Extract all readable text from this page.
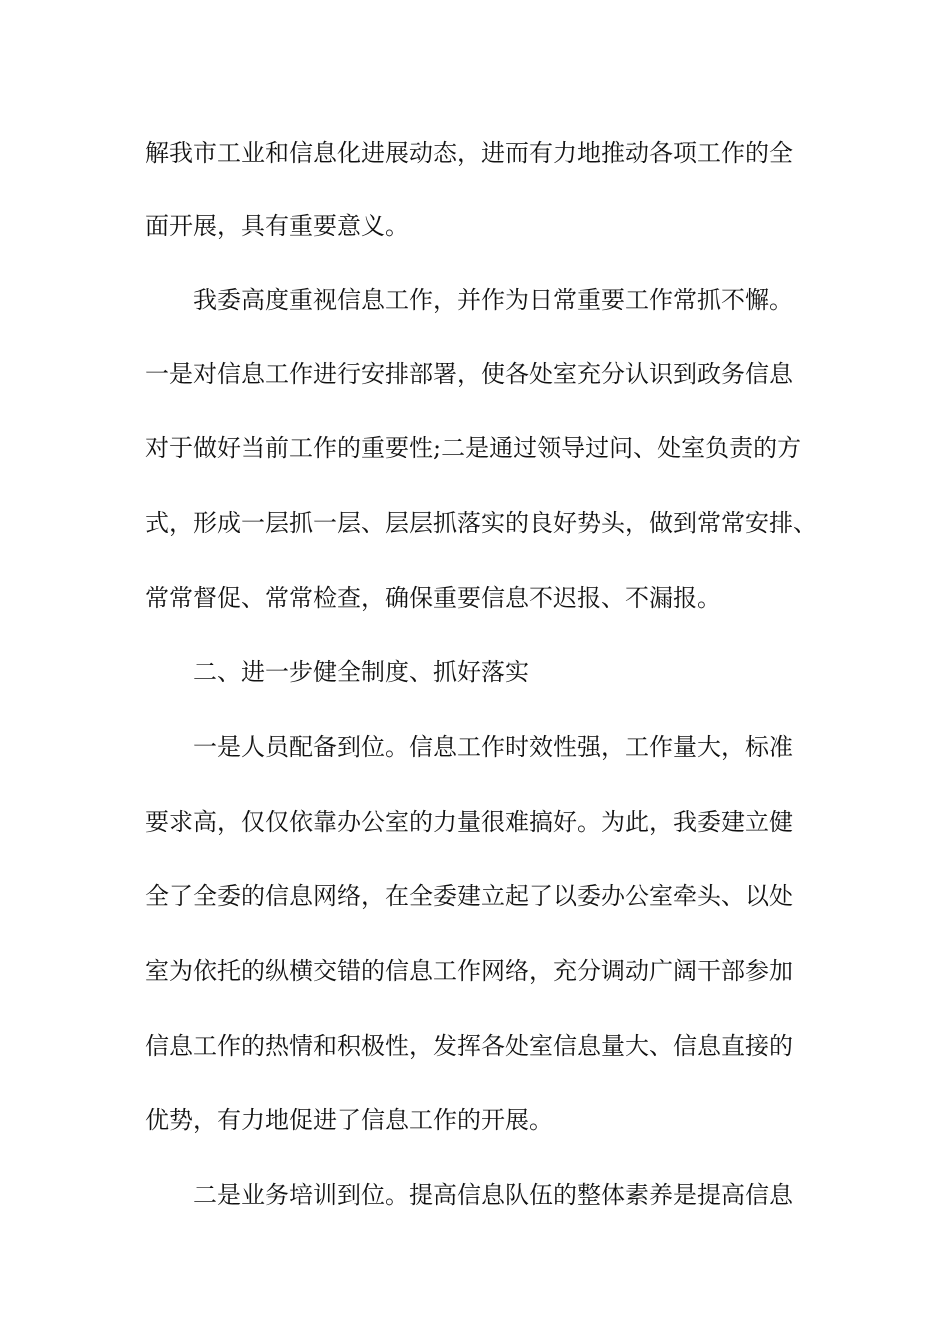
解我市工业和信息化进展动态，进而有力地推动各项工作的全
面开展，具有重要意义。
我委高度重视信息工作，并作为日常重要工作常抓不懈。
一是对信息工作进行安排部署，使各处室充分认识到政务信息
对于做好当前工作的重要性;二是通过领导过问、处室负责的方
式，形成一层抓一层、层层抓落实的良好势头，做到常常安排、
常常督促、常常检查，确保重要信息不迟报、不漏报。
二、进一步健全制度、抓好落实
一是人员配备到位。信息工作时效性强，工作量大，标准
要求高，仅仅依靠办公室的力量很难搞好。为此，我委建立健
全了全委的信息网络，在全委建立起了以委办公室牵头、以处
室为依托的纵横交错的信息工作网络，充分调动广阔干部参加
信息工作的热情和积极性，发挥各处室信息量大、信息直接的
优势，有力地促进了信息工作的开展。
二是业务培训到位。提高信息队伍的整体素养是提高信息
